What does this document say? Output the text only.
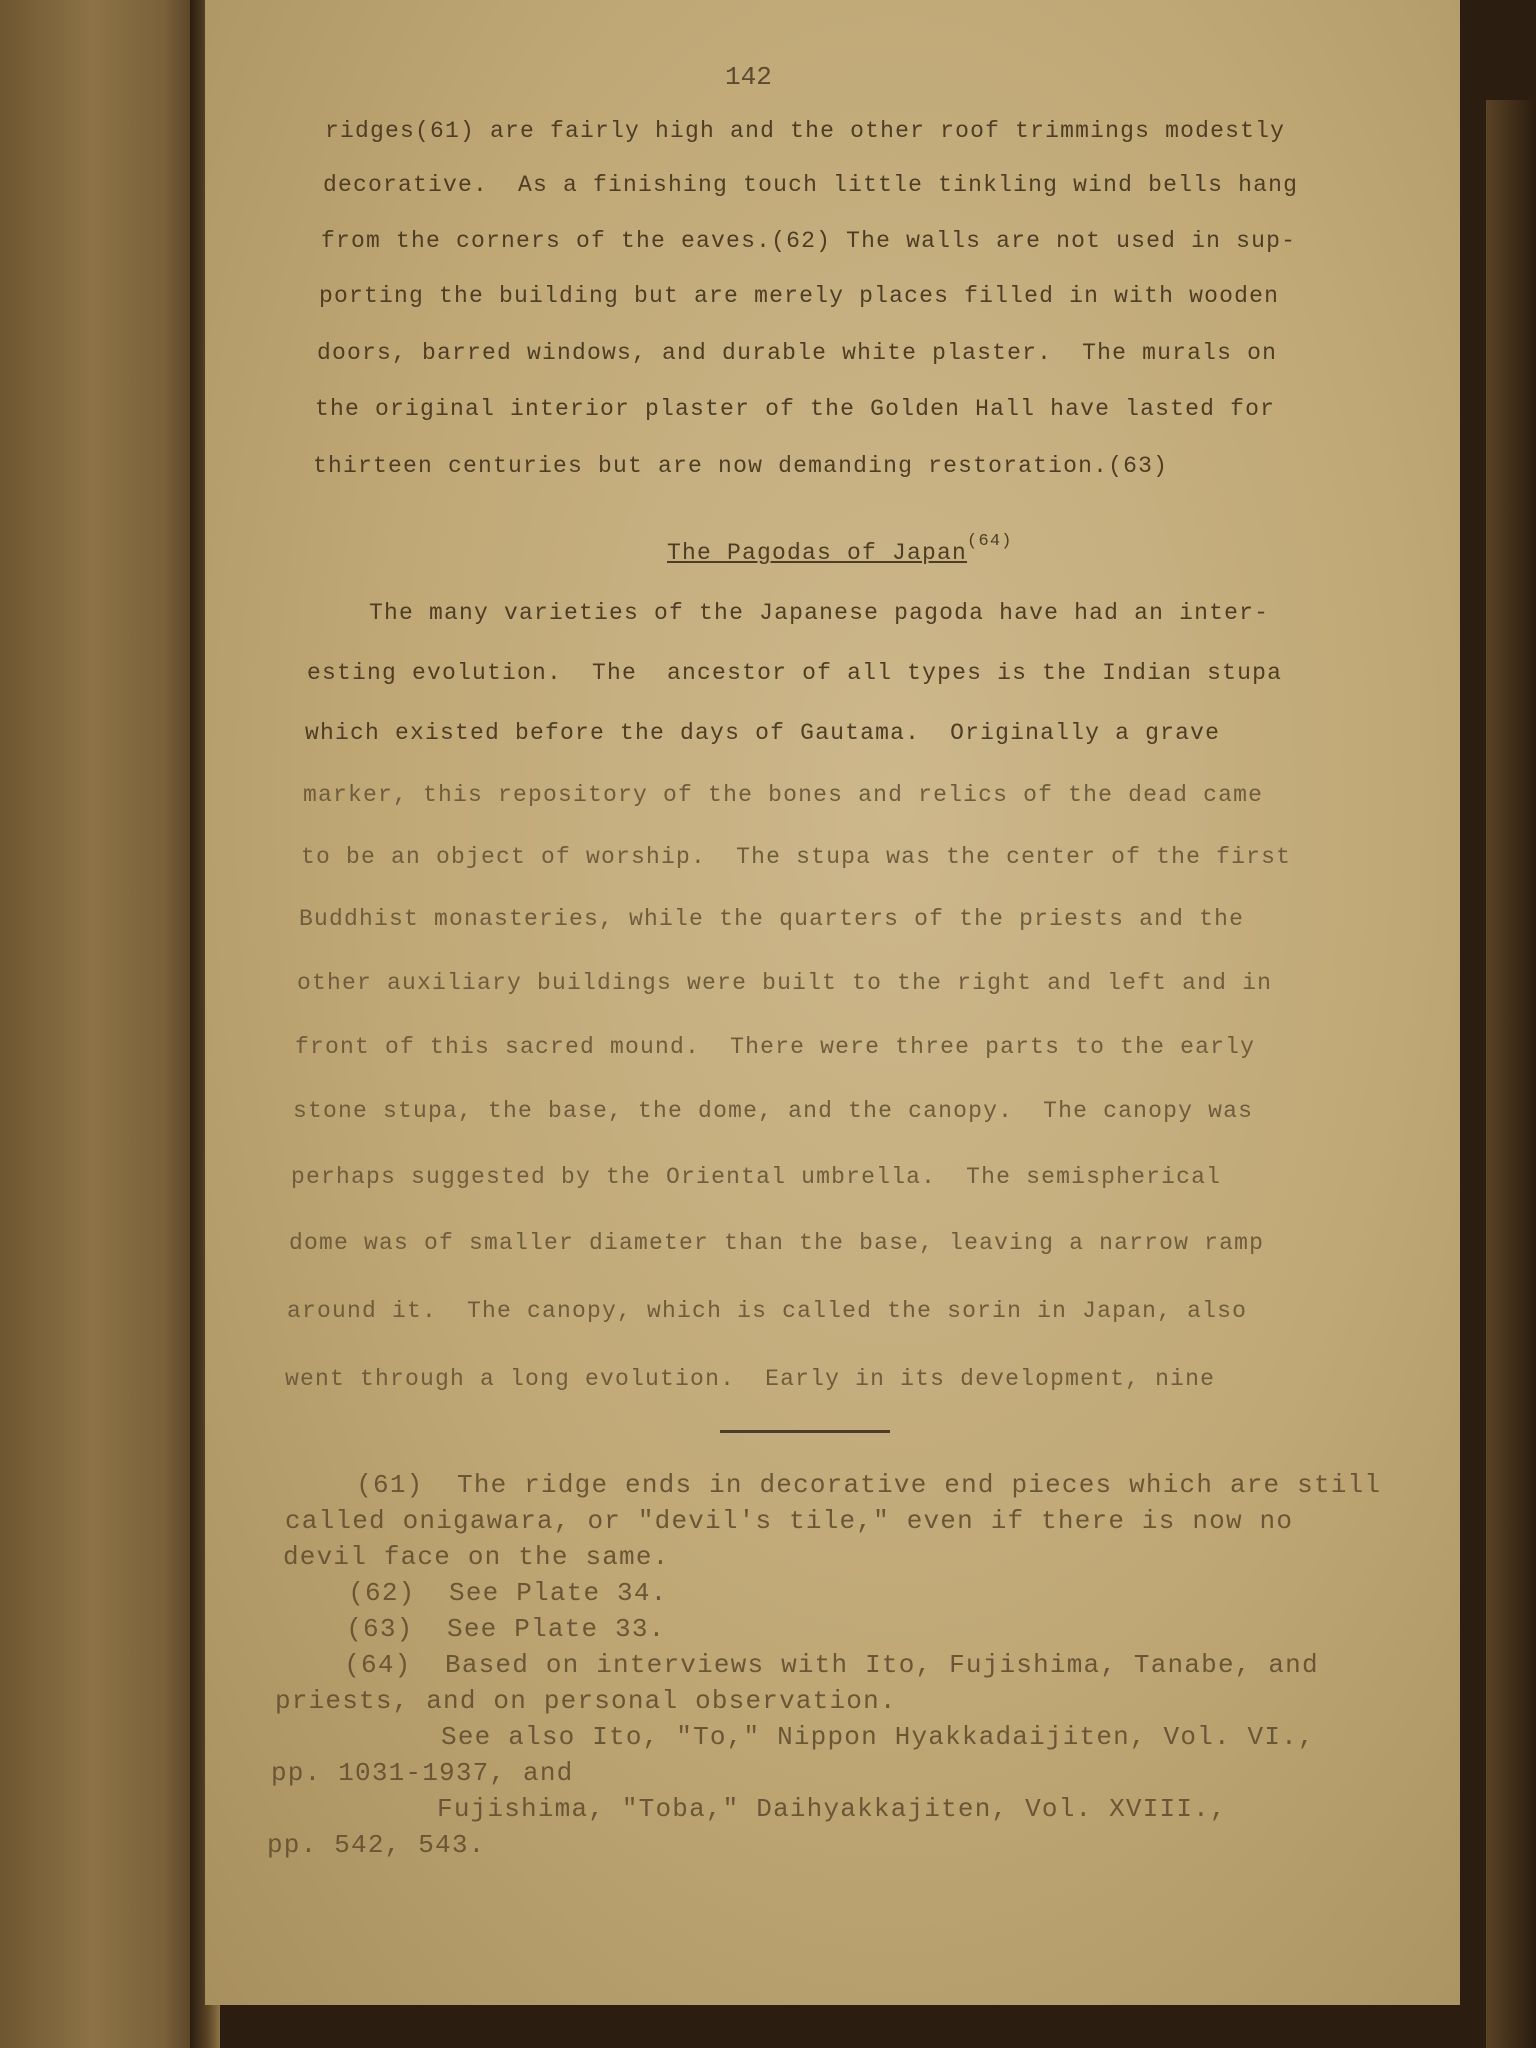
142
ridges(61) are fairly high and the other roof trimmings modestly
decorative.  As a finishing touch little tinkling wind bells hang
from the corners of the eaves.(62) The walls are not used in sup-
porting the building but are merely places filled in with wooden
doors, barred windows, and durable white plaster.  The murals on
the original interior plaster of the Golden Hall have lasted for
thirteen centuries but are now demanding restoration.(63)
The Pagodas of Japan(64)
The many varieties of the Japanese pagoda have had an inter-
esting evolution.  The  ancestor of all types is the Indian stupa
which existed before the days of Gautama.  Originally a grave
marker, this repository of the bones and relics of the dead came
to be an object of worship.  The stupa was the center of the first
Buddhist monasteries, while the quarters of the priests and the
other auxiliary buildings were built to the right and left and in
front of this sacred mound.  There were three parts to the early
stone stupa, the base, the dome, and the canopy.  The canopy was
perhaps suggested by the Oriental umbrella.  The semispherical
dome was of smaller diameter than the base, leaving a narrow ramp
around it.  The canopy, which is called the sorin in Japan, also
went through a long evolution.  Early in its development, nine
(61)  The ridge ends in decorative end pieces which are still
called onigawara, or "devil's tile," even if there is now no
devil face on the same.
(62)  See Plate 34.
(63)  See Plate 33.
(64)  Based on interviews with Ito, Fujishima, Tanabe, and
priests, and on personal observation.
See also Ito, "To," Nippon Hyakkadaijiten, Vol. VI.,
pp. 1031-1937, and
Fujishima, "Toba," Daihyakkajiten, Vol. XVIII.,
pp. 542, 543.
